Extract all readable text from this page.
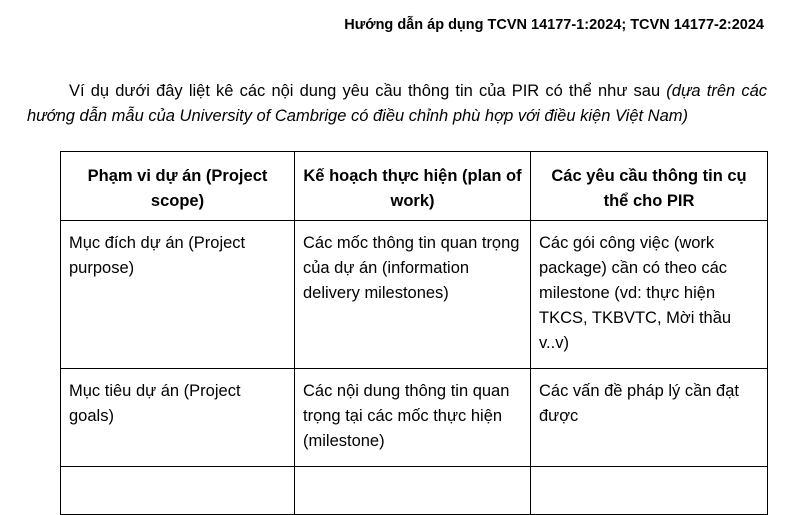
Hướng dẫn áp dụng TCVN 14177-1:2024; TCVN 14177-2:2024

Ví dụ dưới đây liệt kê các nội dung yêu cầu thông tin của PIR có thể như sau (dựa trên các hướng dẫn mẫu của University of Cambrige có điều chỉnh phù hợp với điều kiện Việt Nam)

Phạm vi dự án (Project scope)	Kế hoạch thực hiện (plan of work)	Các yêu cầu thông tin cụ thể cho PIR
Mục đích dự án (Project purpose)	Các mốc thông tin quan trọng của dự án (information delivery milestones)	Các gói công việc (work package) cần có theo các milestone (vd: thực hiện TKCS, TKBVTC, Mời thầu v..v)
Mục tiêu dự án (Project goals)	Các nội dung thông tin quan trọng tại các mốc thực hiện (milestone)	Các vấn đề pháp lý cần đạt được
